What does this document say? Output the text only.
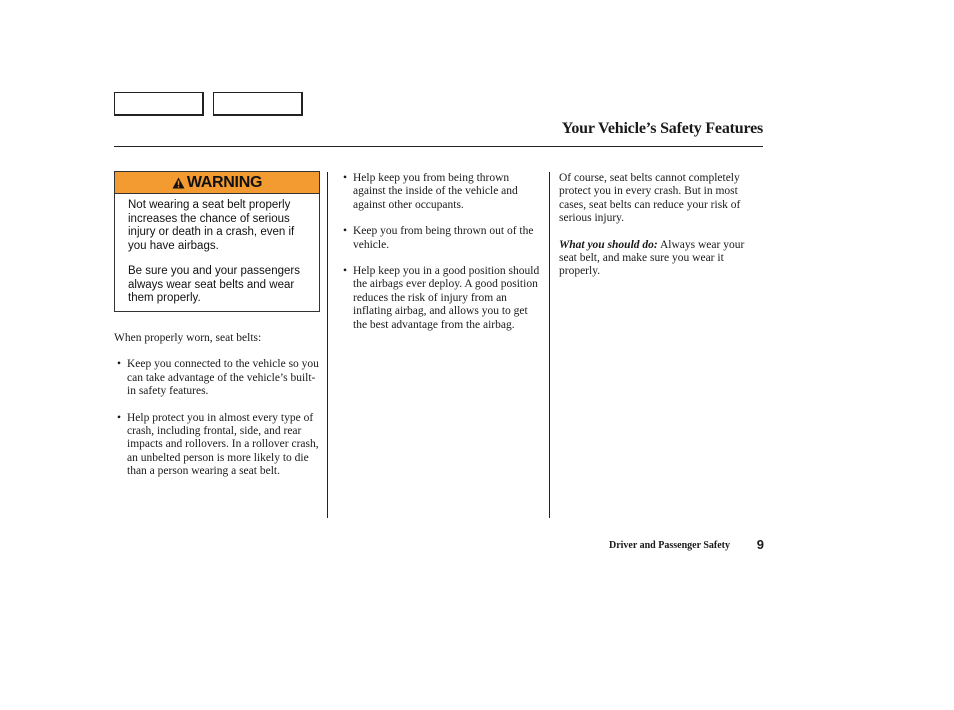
Your Vehicle’s Safety Features
WARNING

Not wearing a seat belt properly increases the chance of serious injury or death in a crash, even if you have airbags.

Be sure you and your passengers always wear seat belts and wear them properly.

When properly worn, seat belts:

• Keep you connected to the vehicle so you can take advantage of the vehicle’s built-in safety features.
• Help protect you in almost every type of crash, including frontal, side, and rear impacts and rollovers. In a rollover crash, an unbelted person is more likely to die than a person wearing a seat belt.
• Help keep you from being thrown against the inside of the vehicle and against other occupants.
• Keep you from being thrown out of the vehicle.
• Help keep you in a good position should the airbags ever deploy. A good position reduces the risk of injury from an inflating airbag, and allows you to get the best advantage from the airbag.

Of course, seat belts cannot completely protect you in every crash. But in most cases, seat belts can reduce your risk of serious injury.

What you should do: Always wear your seat belt, and make sure you wear it properly.

Driver and Passenger Safety	9
